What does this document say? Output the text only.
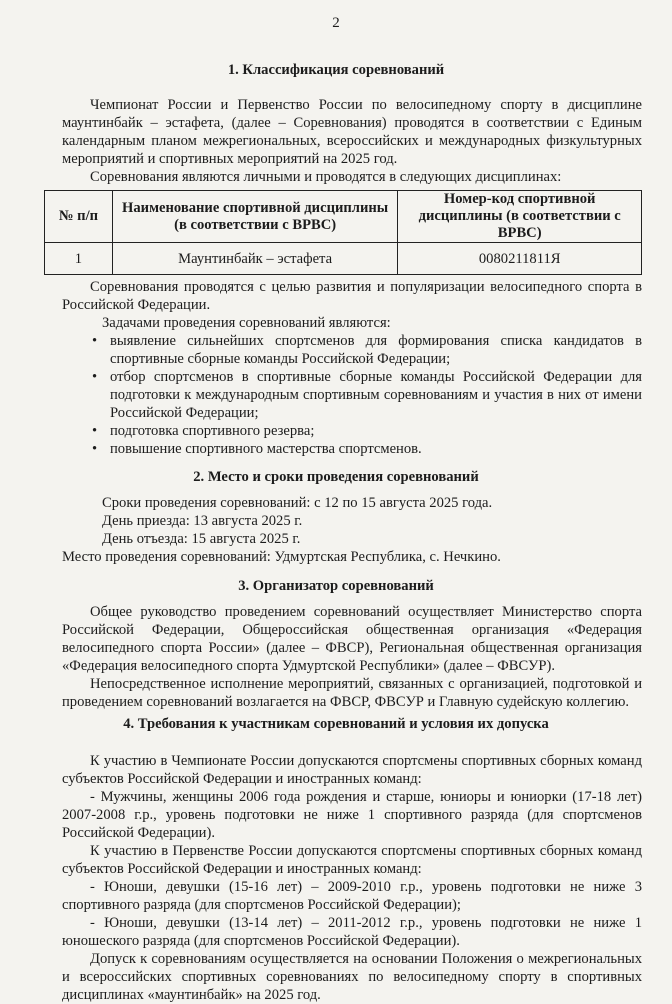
2
1. Классификация соревнований

Чемпионат России и Первенство России по велосипедному спорту в дисциплине маунтинбайк – эстафета, (далее – Соревнования) проводятся в соответствии с Единым календарным планом межрегиональных, всероссийских и международных физкультурных мероприятий и спортивных мероприятий на 2025 год.

Соревнования являются личными и проводятся в следующих дисциплинах:

№ п/п	Наименование спортивной дисциплины (в соответствии с ВРВС)	Номер-код спортивной дисциплины (в соответствии с ВРВС)
1	Маунтинбайк – эстафета	0080211811Я

Соревнования проводятся с целью развития и популяризации велосипедного спорта в Российской Федерации.

Задачами проведения соревнований являются:

• выявление сильнейших спортсменов для формирования списка кандидатов в спортивные сборные команды Российской Федерации;
• отбор спортсменов в спортивные сборные команды Российской Федерации для подготовки к международным спортивным соревнованиям и участия в них от имени Российской Федерации;
• подготовка спортивного резерва;
• повышение спортивного мастерства спортсменов.
2. Место и сроки проведения соревнований

Сроки проведения соревнований: с 12 по 15 августа 2025 года.

День приезда: 13 августа 2025 г.

День отъезда: 15 августа 2025 г.

Место проведения соревнований: Удмуртская Республика, с. Нечкино.

3. Организатор соревнований

Общее руководство проведением соревнований осуществляет Министерство спорта Российской Федерации, Общероссийская общественная организация «Федерация велосипедного спорта России» (далее – ФВСР), Региональная общественная организация «Федерация велосипедного спорта Удмуртской Республики» (далее – ФВСУР).

Непосредственное исполнение мероприятий, связанных с организацией, подготовкой и проведением соревнований возлагается на ФВСР, ФВСУР и Главную судейскую коллегию.

4. Требования к участникам соревнований и условия их допуска

К участию в Чемпионате России допускаются спортсмены спортивных сборных команд субъектов Российской Федерации и иностранных команд:

- Мужчины, женщины 2006 года рождения и старше, юниоры и юниорки (17-18 лет) 2007-2008 г.р., уровень подготовки не ниже 1 спортивного разряда (для спортсменов Российской Федерации).

К участию в Первенстве России допускаются спортсмены спортивных сборных команд субъектов Российской Федерации и иностранных команд:

- Юноши, девушки (15-16 лет) – 2009-2010 г.р., уровень подготовки не ниже 3 спортивного разряда (для спортсменов Российской Федерации);

- Юноши, девушки (13-14 лет) – 2011-2012 г.р., уровень подготовки не ниже 1 юношеского разряда (для спортсменов Российской Федерации).

Допуск к соревнованиям осуществляется на основании Положения о межрегиональных и всероссийских спортивных соревнованиях по велосипедному спорту в спортивных дисциплинах «маунтинбайк» на 2025 год.
